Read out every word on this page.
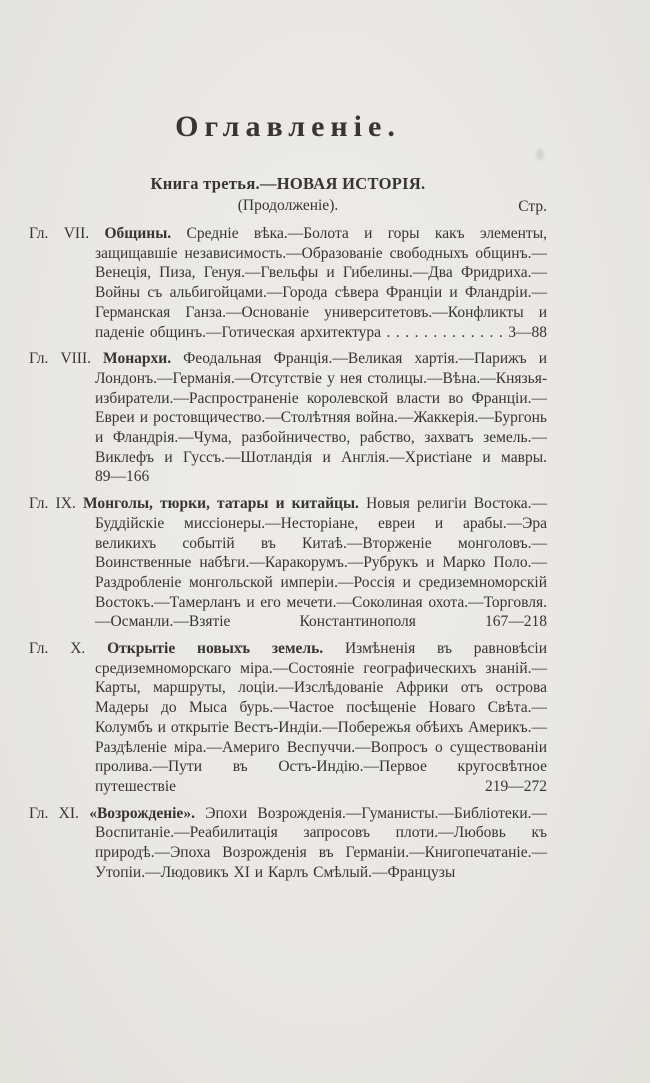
Оглавленіе.
Книга третья.—НОВАЯ ИСТОРІЯ.
(Продолженіе).	Стр.

Гл. VII. Общины. Средніе вѣка.—Болота и горы какъ элементы, защищавшіе независимость.—Образованіе свободныхъ общинъ.—Венеція, Пиза, Генуя.—Гвельфы и Гибелины.—Два Фридриха.—Войны съ альбигойцами.—Города сѣвера Франціи и Фландріи.—Германская Ганза.—Основаніе университетовъ.—Конфликты и паденіе общинъ.—Готическая архитектура . . . . . . . . . . . . . 3—88

Гл. VIII. Монархи. Феодальная Франція.—Великая хартія.—Парижъ и Лондонъ.—Германія.—Отсутствіе у нея столицы.—Вѣна.—Князья-избиратели.—Распространеніе королевской власти во Франціи.—Евреи и ростовщичество.—Столѣтняя война.—Жаккерія.—Бургонь и Фландрія.—Чума, разбойничество, рабство, захватъ земель.—Виклефъ и Гуссъ.—Шотландія и Англія.—Христіане и мавры. 89—166

Гл. IX. Монголы, тюрки, татары и китайцы. Новыя религіи Востока.—Буддійскіе миссіонеры.—Несторіане, евреи и арабы.—Эра великихъ событій въ Китаѣ.—Вторженіе монголовъ.—Воинственные набѣги.—Каракорумъ.—Рубрукъ и Марко Поло.—Раздробленіе монгольской имперіи.—Россія и средиземноморскій Востокъ.—Тамерланъ и его мечети.—Соколиная охота.—Торговля.—Османли.—Взятіе Константинополя 167—218

Гл. X. Открытіе новыхъ земель. Измѣненія въ равновѣсіи средиземноморскаго міра.—Состояніе географическихъ знаній.—Карты, маршруты, лоціи.—Изслѣдованіе Африки отъ острова Мадеры до Мыса бурь.—Частое посѣщеніе Новаго Свѣта.—Колумбъ и открытіе Вестъ-Индіи.—Побережья обѣихъ Америкъ.—Раздѣленіе міра.—Америго Веспуччи.—Вопросъ о существованіи пролива.—Пути въ Остъ-Индію.—Первое кругосвѣтное путешествіе 219—272

Гл. XI. «Возрожденіе». Эпохи Возрожденія.—Гуманисты.—Библіотеки.—Воспитаніе.—Реабилитація запросовъ плоти.—Любовь къ природѣ.—Эпоха Возрожденія въ Германіи.—Книгопечатаніе.—Утопіи.—Людовикъ XI и Карлъ Смѣлый.—Французы
